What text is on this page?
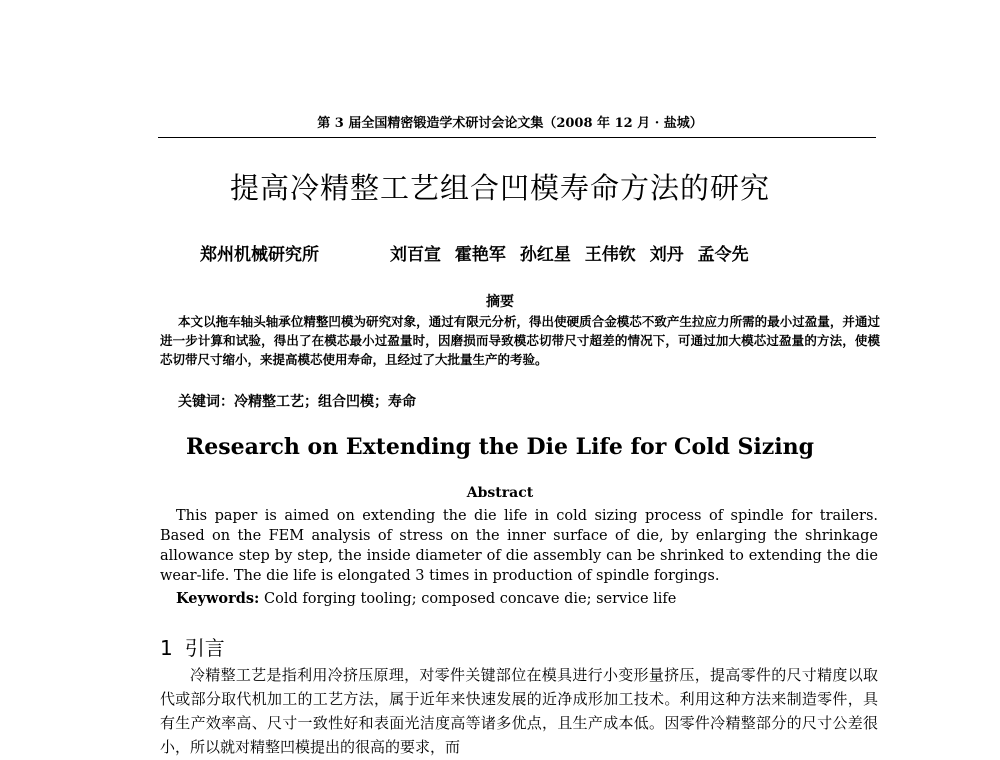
第 3 届全国精密锻造学术研讨会论文集（2008 年 12 月 · 盐城）
提高冷精整工艺组合凹模寿命方法的研究
郑州机械研究所	刘百宣 霍艳军 孙红星 王伟钦 刘丹 孟令先
摘要
本文以拖车轴头轴承位精整凹模为研究对象，通过有限元分析，得出使硬质合金模芯不致产生拉应力所需的最小过盈量，并通过进一步计算和试验，得出了在模芯最小过盈量时，因磨损而导致模芯切带尺寸超差的情况下，可通过加大模芯过盈量的方法，使模芯切带尺寸缩小，来提高模芯使用寿命，且经过了大批量生产的考验。
关键词：冷精整工艺；组合凹模；寿命
Research on Extending the Die Life for Cold Sizing
Abstract
This paper is aimed on extending the die life in cold sizing process of spindle for trailers. Based on the FEM analysis of stress on the inner surface of die, by enlarging the shrinkage allowance step by step, the inside diameter of die assembly can be shrinked to extending the die wear-life. The die life is elongated 3 times in production of spindle forgings.
Keywords: Cold forging tooling; composed concave die; service life
1 引言
冷精整工艺是指利用冷挤压原理，对零件关键部位在模具进行小变形量挤压，提高零件的尺寸精度以取代或部分取代机加工的工艺方法，属于近年来快速发展的近净成形加工技术。利用这种方法来制造零件，具有生产效率高、尺寸一致性好和表面光洁度高等诸多优点，且生产成本低。因零件冷精整部分的尺寸公差很小，所以就对精整凹模提出的很高的要求，而
